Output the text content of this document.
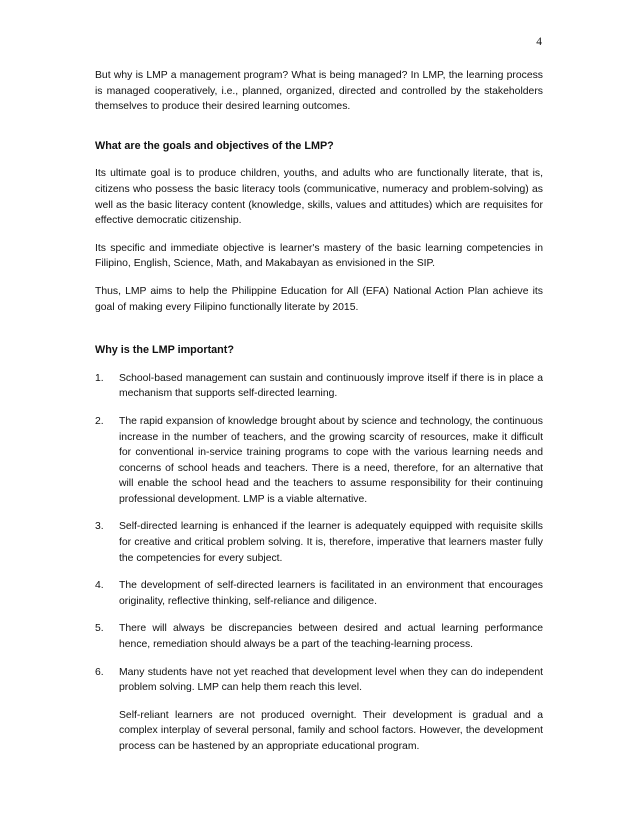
4

But why is LMP a management program? What is being managed? In LMP, the learning process is managed cooperatively, i.e., planned, organized, directed and controlled by the stakeholders themselves to produce their desired learning outcomes.

What are the goals and objectives of the LMP?

Its ultimate goal is to produce children, youths, and adults who are functionally literate, that is, citizens who possess the basic literacy tools (communicative, numeracy and problem-solving) as well as the basic literacy content (knowledge, skills, values and attitudes) which are requisites for effective democratic citizenship.

Its specific and immediate objective is learner's mastery of the basic learning competencies in Filipino, English, Science, Math, and Makabayan as envisioned in the SIP.

Thus, LMP aims to help the Philippine Education for All (EFA) National Action Plan achieve its goal of making every Filipino functionally literate by 2015.

Why is the LMP important?
1.	School-based management can sustain and continuously improve itself if there is in place a mechanism that supports self-directed learning.
2.	The rapid expansion of knowledge brought about by science and technology, the continuous increase in the number of teachers, and the growing scarcity of resources, make it difficult for conventional in-service training programs to cope with the various learning needs and concerns of school heads and teachers. There is a need, therefore, for an alternative that will enable the school head and the teachers to assume responsibility for their continuing professional development. LMP is a viable alternative.
3.	Self-directed learning is enhanced if the learner is adequately equipped with requisite skills for creative and critical problem solving. It is, therefore, imperative that learners master fully the competencies for every subject.
4.	The development of self-directed learners is facilitated in an environment that encourages originality, reflective thinking, self-reliance and diligence.
5.	There will always be discrepancies between desired and actual learning performance hence, remediation should always be a part of the teaching-learning process.
6.	Many students have not yet reached that development level when they can do independent problem solving. LMP can help them reach this level.
Self-reliant learners are not produced overnight. Their development is gradual and a complex interplay of several personal, family and school factors. However, the development process can be hastened by an appropriate educational program.
